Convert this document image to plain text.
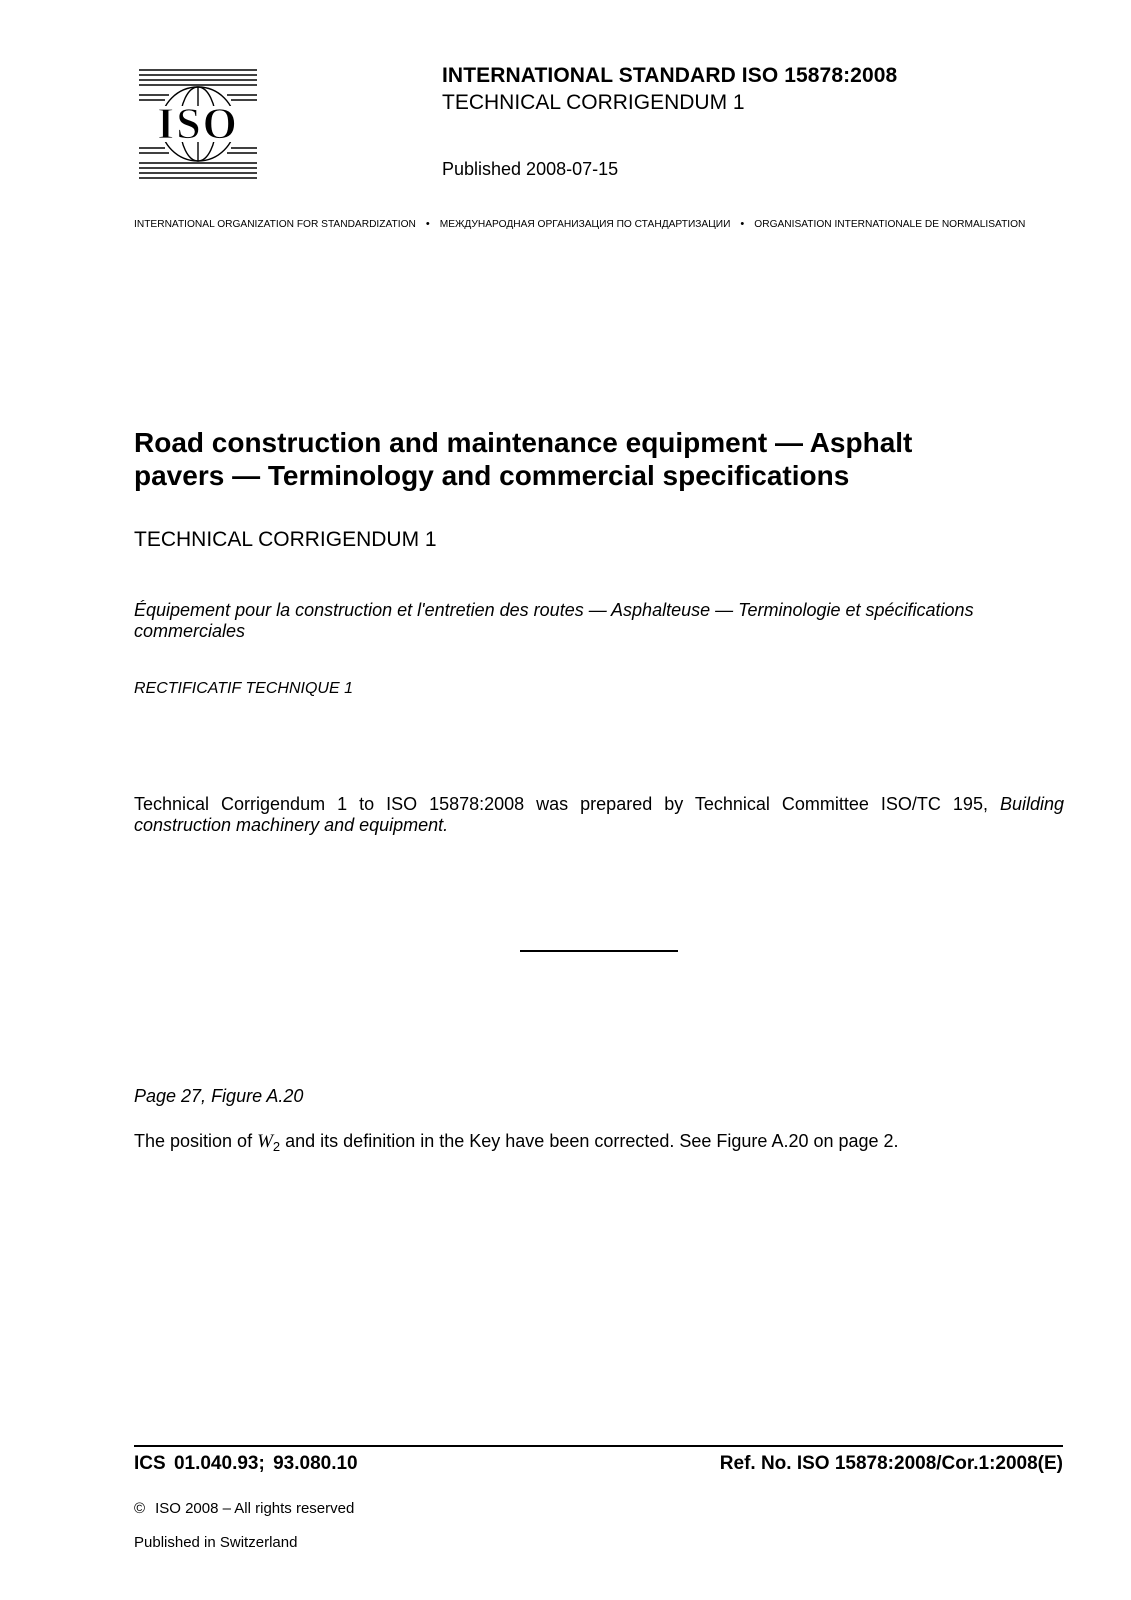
ISO
INTERNATIONAL STANDARD ISO 15878:2008
TECHNICAL CORRIGENDUM 1
Published 2008-07-15
INTERNATIONAL ORGANIZATION FOR STANDARDIZATION • МЕЖДУНАРОДНАЯ ОРГАНИЗАЦИЯ ПО СТАНДАРТИЗАЦИИ • ORGANISATION INTERNATIONALE DE NORMALISATION
Road construction and maintenance equipment — Asphalt
pavers — Terminology and commercial specifications
TECHNICAL CORRIGENDUM 1
Équipement pour la construction et l'entretien des routes — Asphalteuse — Terminologie et spécifications commerciales
RECTIFICATIF TECHNIQUE 1
Technical Corrigendum 1 to ISO 15878:2008 was prepared by Technical Committee ISO/TC 195, Building construction machinery and equipment.
Page 27, Figure A.20
The position of $W_2$ and its definition in the Key have been corrected. See Figure A.20 on page 2.
ICS 01.040.93; 93.080.10	Ref. No. ISO 15878:2008/Cor.1:2008(E)
© ISO 2008 – All rights reserved
Published in Switzerland
